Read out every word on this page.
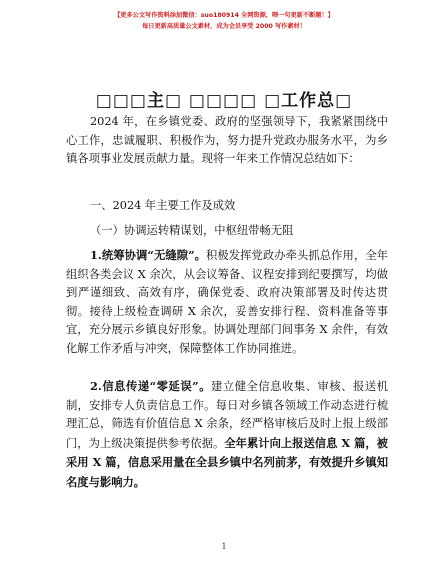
【更多公文写作资料添加微信：suo180914 全网资源，喂一句更新不断题！】
每日更新高质量公文素材，成为会员享受 2000 写作素材！
□□□主□ □□□□ □工作总□

2024 年，在乡镇党委、政府的坚强领导下，我紧紧围绕中心工作，忠诚履职、积极作为，努力提升党政办服务水平，为乡镇各项事业发展贡献力量。现将一年来工作情况总结如下：

一、2024 年主要工作及成效
（一）协调运转精谋划，中枢纽带畅无阻

1.统筹协调“无缝隙”。积极发挥党政办牵头抓总作用，全年组织各类会议 X 余次，从会议筹备、议程安排到纪要撰写，均做到严谨细致、高效有序，确保党委、政府决策部署及时传达贯彻。接待上级检查调研 X 余次，妥善安排行程、资料准备等事宜，充分展示乡镇良好形象。协调处理部门间事务 X 余件，有效化解工作矛盾与冲突，保障整体工作协同推进。

2.信息传递“零延误”。建立健全信息收集、审核、报送机制，安排专人负责信息工作。每日对乡镇各领域工作动态进行梳理汇总，筛选有价值信息 X 余条，经严格审核后及时上报上级部门，为上级决策提供参考依据。全年累计向上报送信息 X 篇，被采用 X 篇，信息采用量在全县乡镇中名列前茅，有效提升乡镇知名度与影响力。

1
